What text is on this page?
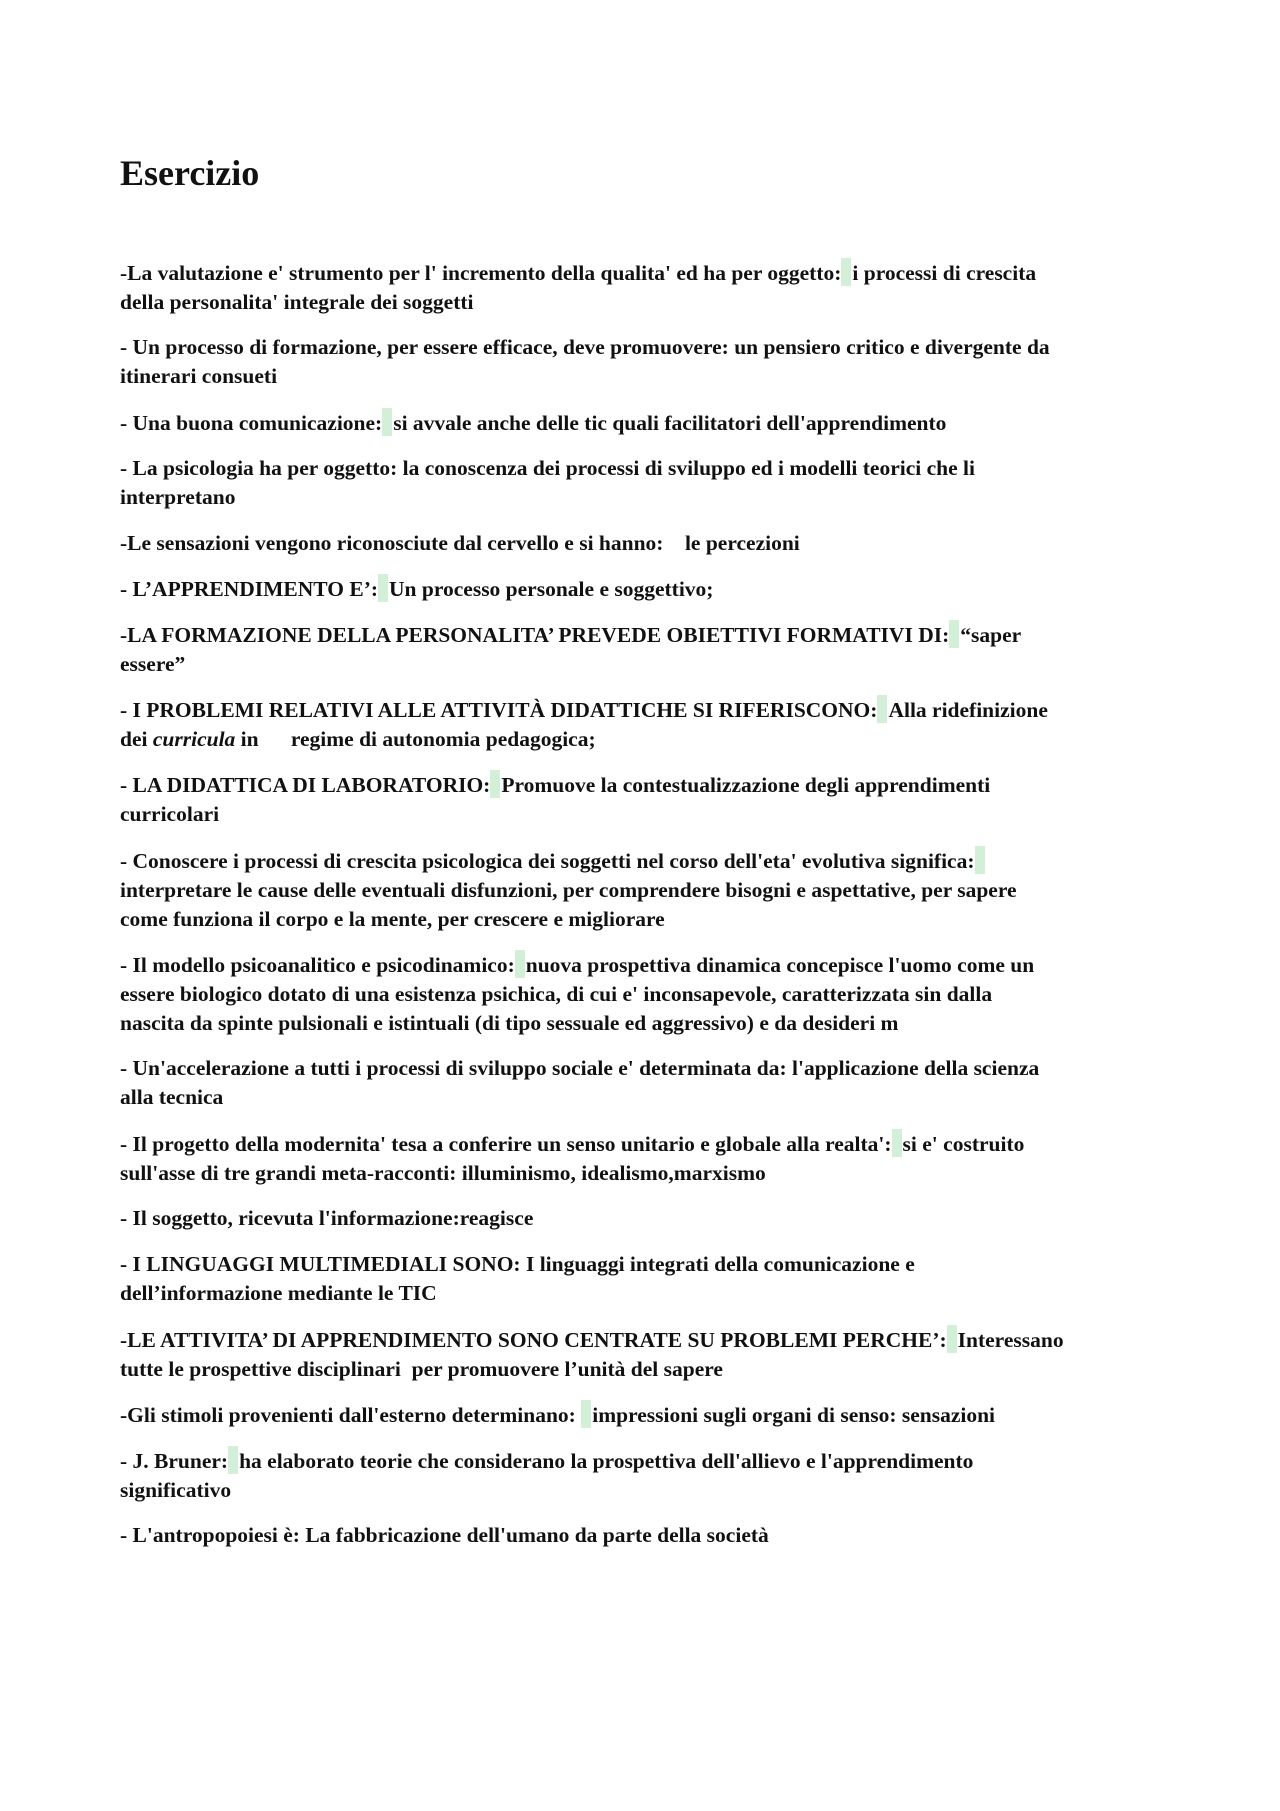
Esercizio

-La valutazione e' strumento per l' incremento della qualita' ed ha per oggetto: i processi di crescita
della personalita' integrale dei soggetti

- Un processo di formazione, per essere efficace, deve promuovere: un pensiero critico e divergente da
itinerari consueti

- Una buona comunicazione: si avvale anche delle tic quali facilitatori dell'apprendimento

- La psicologia ha per oggetto: la conoscenza dei processi di sviluppo ed i modelli teorici che li
interpretano

-Le sensazioni vengono riconosciute dal cervello e si hanno:    le percezioni

- L’APPRENDIMENTO E’: Un processo personale e soggettivo;

-LA FORMAZIONE DELLA PERSONALITA’ PREVEDE OBIETTIVI FORMATIVI DI: “saper
essere”

- I PROBLEMI RELATIVI ALLE ATTIVITÀ DIDATTICHE SI RIFERISCONO: Alla ridefinizione
dei curricula in      regime di autonomia pedagogica;

- LA DIDATTICA DI LABORATORIO: Promuove la contestualizzazione degli apprendimenti
curricolari

- Conoscere i processi di crescita psicologica dei soggetti nel corso dell'eta' evolutiva significa:
interpretare le cause delle eventuali disfunzioni, per comprendere bisogni e aspettative, per sapere
come funziona il corpo e la mente, per crescere e migliorare

- Il modello psicoanalitico e psicodinamico: nuova prospettiva dinamica concepisce l'uomo come un
essere biologico dotato di una esistenza psichica, di cui e' inconsapevole, caratterizzata sin dalla
nascita da spinte pulsionali e istintuali (di tipo sessuale ed aggressivo) e da desideri m

- Un'accelerazione a tutti i processi di sviluppo sociale e' determinata da: l'applicazione della scienza
alla tecnica

- Il progetto della modernita' tesa a conferire un senso unitario e globale alla realta': si e' costruito
sull'asse di tre grandi meta-racconti: illuminismo, idealismo,marxismo

- Il soggetto, ricevuta l'informazione:reagisce

- I LINGUAGGI MULTIMEDIALI SONO: I linguaggi integrati della comunicazione e
dell’informazione mediante le TIC

-LE ATTIVITA’ DI APPRENDIMENTO SONO CENTRATE SU PROBLEMI PERCHE’: Interessano
tutte le prospettive disciplinari  per promuovere l’unità del sapere

-Gli stimoli provenienti dall'esterno determinano: impressioni sugli organi di senso: sensazioni

- J. Bruner: ha elaborato teorie che considerano la prospettiva dell'allievo e l'apprendimento
significativo

- L'antropopoiesi è: La fabbricazione dell'umano da parte della società
